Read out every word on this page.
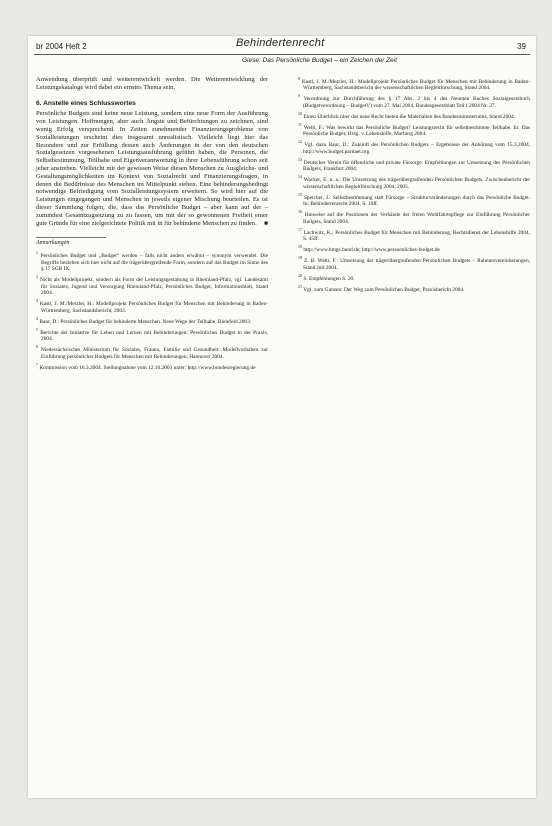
br 2004 Heft 2	Behindertenrecht	39
Giese: Das Persönliche Budget – ein Zeichen der Zeit

Anwendung überprüft und weiterentwickelt werden. Die Weiterentwicklung der Leistungskataloge wird dabei ein ernstes Thema sein.

6. Anstelle eines Schlusswortes

Persönliche Budgets sind keine neue Leistung, sondern eine neue Form der Ausführung von Leistungen. Hoffnungen, aber auch Ängste und Befürchtungen zu zeichnen, sind wenig Erfolg versprechend. In Zeiten zunehmender Finanzierungsprobleme von Sozialleistungen erscheint dies insgesamt unrealistisch. Vielleicht liegt hier das Besondere und zur Erfüllung dessen auch Änderungen in der von den deutschen Sozialgesetzen vorgesehenen Leistungsausführung geführt haben, die Personen, die Selbstbestimmung, Teilhabe und Eigenverantwortung in ihrer Lebensführung schon seit jeher anstreben. Vielleicht mit der gewissen Weise diesen Menschen zu Ausgleichs- und Gestaltungsmöglichkeiten im Kontext von Sozialrecht und Finanzierungsfragen, in denen die Bedürfnisse des Menschen im Mittelpunkt stehen. Eine behinderungsbedingt notwendige Befriedigung vom Sozialleistungssystem erweitern. So wird hier auf die Leistungen eingegangen und Menschen in jeweils eigener Mischung beurteilen. Es ist dieser Sammlung folgen, die, dass das Persönliche Budget – aber kann auf der – zumindest Gesamtzugsetzung zu zu fassen, um mit der so gewonnenen Freiheit einer gute Gründe für eine zielgerichtete Politik mit in für behinderte Menschen zu finden. ■

Anmerkungen

$^1$ Persönliches Budget und „Budget“ werden – falls nicht anders erwähnt – synonym verwendet. Die Begriffe beziehen sich hier nicht auf die trägerübergreifende Form, sondern auf das Budget im Sinne des § 17 SGB IX.

$^2$ Nicht als Modellprojekt, sondern als Form der Leistungsgestaltung in Rheinland-Pfalz, vgl. Landesamt für Soziales, Jugend und Versorgung Rheinland-Pfalz, Persönliches Budget, Informationsblatt, Stand 2004.

$^3$ Kastl, J. M./Metzler, H.: Modellprojekt Persönliches Budget für Menschen mit Behinderung in Baden-Württemberg, Sachstandsbericht, 2003.

$^4$ Baur, D.: Persönliches Budget für behinderte Menschen. Neue Wege der Teilhabe, Bielefeld 2003.

$^5$ Berichte der Initiative für Leben und Lernen mit Behinderungen; Persönliches Budget in der Praxis, 2004.

$^6$ Niedersächsisches Ministerium für Soziales, Frauen, Familie und Gesundheit: Modellvorhaben zur Einführung persönlicher Budgets für Menschen mit Behinderungen, Hannover 2004.

$^7$ Kommission vom 16.3.2004. Stellungnahme vom 12.10.2003 unter: http://www.bundesregierung.de

$^8$ Kastl, J. M./Metzler, H.: Modellprojekt Persönliches Budget für Menschen mit Behinderung in Baden-Württemberg, Sachstandsbericht der wissenschaftlichen Begleitforschung, Stand 2004.

$^9$ Verordnung zur Durchführung des § 17 Abs. 2 bis 4 des Neunten Buches Sozialgesetzbuch (Budgetverordnung – BudgetV) vom 27. Mai 2004, Bundesgesetzblatt Teil I 2004 Nr. 27.

$^{10}$ Einen Überblick über das neue Recht bieten die Materialien des Bundesministeriums, Stand 2004.

$^{11}$ Welti, F.: Was bewirkt das Persönliche Budget? Leistungsrecht für selbstbestimmte Teilhabe. In: Das Persönliche Budget, Hrsg. v. Lebenshilfe, Marburg 2004.

$^{12}$ Vgl. dazu Baur, D.: Zukunft des Persönlichen Budgets – Ergebnisse der Anhörung vom 15.3.2004, http://www.budget.paritaet.org.

$^{13}$ Deutscher Verein für öffentliche und private Fürsorge: Empfehlungen zur Umsetzung des Persönlichen Budgets, Frankfurt 2004.

$^{14}$ Wacker, E. u. a.: Die Umsetzung des trägerübergreifenden Persönlichen Budgets, Zwischenbericht der wissenschaftlichen Begleitforschung 2004, 2005.

$^{15}$ Speicher, J.: Selbstbestimmung statt Fürsorge – Strukturveränderungen durch das Persönliche Budget. In: Behindertenrecht 2004, S. 10ff.

$^{16}$ Hinweise auf die Positionen der Verbände der freien Wohlfahrtspflege zur Einführung Persönlicher Budgets, Stand 2004.

$^{17}$ Lachwitz, K.: Persönliches Budget für Menschen mit Behinderung, Rechtsdienst der Lebenshilfe 2004, S. 45ff.

$^{18}$ http://www.bmgs.bund.de; http://www.persoenliches-budget.de

$^{19}$ Z. B. Welti, F.: Umsetzung der trägerübergreifenden Persönlichen Budgets – Rahmenvereinbarungen, Stand Juli 2004.

$^{20}$ S. Empfehlungen S. 20.

$^{21}$ Vgl. zum Ganzen: Der Weg zum Persönlichen Budget, Praxisbericht 2004.
